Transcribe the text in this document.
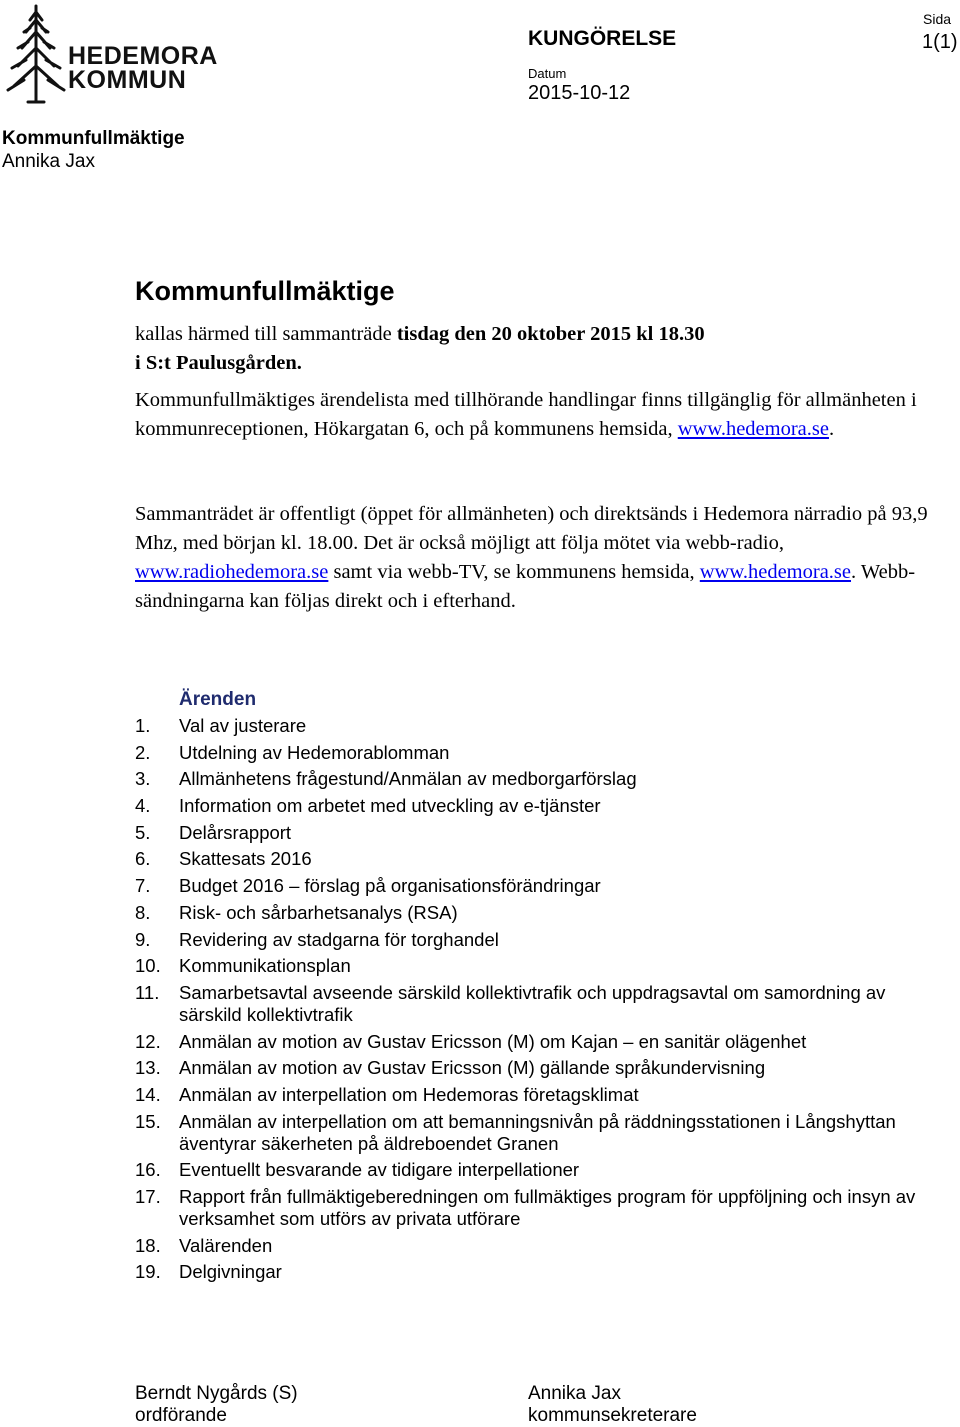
HEDEMORA
KOMMUN
KUNGÖRELSE
Sida
1(1)
Datum
2015-10-12
Kommunfullmäktige
Annika Jax
Kommunfullmäktige
kallas härmed till sammanträde tisdag den 20 oktober 2015 kl 18.30
i S:t Paulusgården.
Kommunfullmäktiges ärendelista med tillhörande handlingar finns tillgänglig för allmänheten i kommunreceptionen, Hökargatan 6, och på kommunens hemsida, www.hedemora.se.
Sammanträdet är offentligt (öppet för allmänheten) och direktsänds i Hedemora närradio på 93,9 Mhz, med början kl. 18.00. Det är också möjligt att följa mötet via webb-radio, www.radiohedemora.se samt via webb-TV, se kommunens hemsida, www.hedemora.se. Webb-sändningarna kan följas direkt och i efterhand.
Ärenden
1.	Val av justerare
2.	Utdelning av Hedemorablomman
3.	Allmänhetens frågestund/Anmälan av medborgarförslag
4.	Information om arbetet med utveckling av e-tjänster
5.	Delårsrapport
6.	Skattesats 2016
7.	Budget 2016 – förslag på organisationsförändringar
8.	Risk- och sårbarhetsanalys (RSA)
9.	Revidering av stadgarna för torghandel
10. Kommunikationsplan
11.	Samarbetsavtal avseende särskild kollektivtrafik och uppdragsavtal om samordning av särskild kollektivtrafik
12. Anmälan av motion av Gustav Ericsson (M) om Kajan – en sanitär olägenhet
13. Anmälan av motion av Gustav Ericsson (M) gällande språkundervisning
14. Anmälan av interpellation om Hedemoras företagsklimat
15. Anmälan av interpellation om att bemanningsnivån på räddningsstationen i Långshyttan äventyrar säkerheten på äldreboendet Granen
16. Eventuellt besvarande av tidigare interpellationer
17. Rapport från fullmäktigeberedningen om fullmäktiges program för uppföljning och insyn av verksamhet som utförs av privata utförare
18. Valärenden
19. Delgivningar
Berndt Nygårds (S)
ordförande
Annika Jax
kommunsekreterare
